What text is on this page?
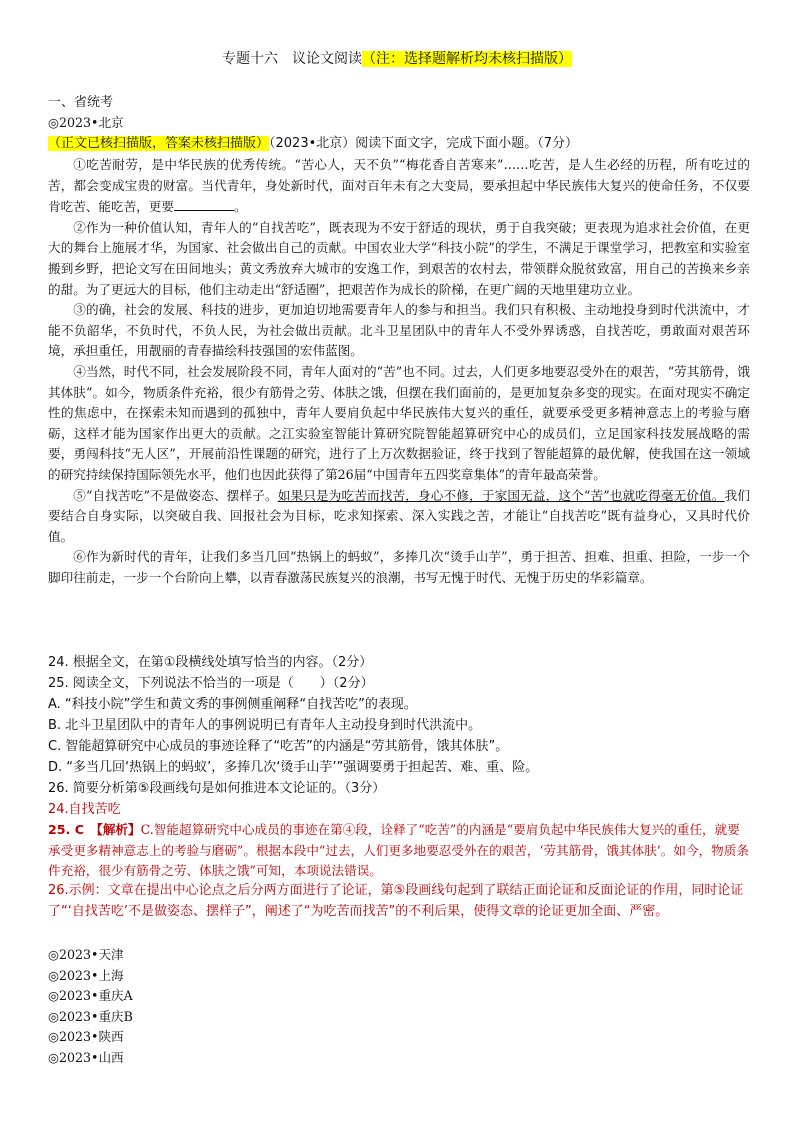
专题十六　议论文阅读（注：选择题解析均未核扫描版）
一、省统考
◎2023•北京
（正文已核扫描版，答案未核扫描版）（2023•北京）阅读下面文字，完成下面小题。（7分）

①吃苦耐劳，是中华民族的优秀传统。“苦心人，天不负”“梅花香自苦寒来”……吃苦，是人生必经的历程，所有吃过的苦，都会变成宝贵的财富。当代青年，身处新时代，面对百年未有之大变局，要承担起中华民族伟大复兴的使命任务，不仅要肯吃苦、能吃苦，更要	。

②作为一种价值认知，青年人的“自找苦吃”，既表现为不安于舒适的现状，勇于自我突破；更表现为追求社会价值，在更大的舞台上施展才华，为国家、社会做出自己的贡献。中国农业大学“科技小院”的学生，不满足于课堂学习，把教室和实验室搬到乡野，把论文写在田间地头；黄文秀放弃大城市的安逸工作，到艰苦的农村去，带领群众脱贫致富，用自己的苦换来乡亲的甜。为了更远大的目标，他们主动走出“舒适圈”，把艰苦作为成长的阶梯，在更广阔的天地里建功立业。

③的确，社会的发展、科技的进步，更加迫切地需要青年人的参与和担当。我们只有积极、主动地投身到时代洪流中，才能不负韶华，不负时代，不负人民，为社会做出贡献。北斗卫星团队中的青年人不受外界诱惑，自找苦吃，勇敢面对艰苦环境，承担重任，用靓丽的青春描绘科技强国的宏伟蓝图。

④当然，时代不同，社会发展阶段不同，青年人面对的“苦”也不同。过去，人们更多地要忍受外在的艰苦，“劳其筋骨，饿其体肤”。如今，物质条件充裕，很少有筋骨之劳、体肤之饿，但摆在我们面前的，是更加复杂多变的现实。在面对现实不确定性的焦虑中，在探索未知而遇到的孤独中，青年人要肩负起中华民族伟大复兴的重任，就要承受更多精神意志上的考验与磨砺，这样才能为国家作出更大的贡献。之江实验室智能计算研究院智能超算研究中心的成员们，立足国家科技发展战略的需要，勇闯科技“无人区”，开展前沿性课题的研究，进行了上万次数据验证，终于找到了智能超算的最优解，使我国在这一领域的研究持续保持国际领先水平，他们也因此获得了第26届“中国青年五四奖章集体”的青年最高荣誉。

⑤“自找苦吃”不是做姿态、摆样子。如果只是为吃苦而找苦，身心不修，于家国无益，这个“苦”也就吃得毫无价值。我们要结合自身实际，以突破自我、回报社会为目标，吃求知探索、深入实践之苦，才能让“自找苦吃”既有益身心，又具时代价值。

⑥作为新时代的青年，让我们多当几回“热锅上的蚂蚁”，多捧几次“烫手山芋”，勇于担苦、担难、担重、担险，一步一个脚印往前走，一步一个台阶向上攀，以青春激荡民族复兴的浪潮，书写无愧于时代、无愧于历史的华彩篇章。

24. 根据全文，在第①段横线处填写恰当的内容。（2分）
25. 阅读全文，下列说法不恰当的一项是（　　）（2分）
A. “科技小院”学生和黄文秀的事例侧重阐释“自找苦吃”的表现。
B. 北斗卫星团队中的青年人的事例说明已有青年人主动投身到时代洪流中。
C. 智能超算研究中心成员的事迹诠释了“吃苦”的内涵是“劳其筋骨，饿其体肤”。
D. “多当几回‘热锅上的蚂蚁’，多捧几次‘烫手山芋’”强调要勇于担起苦、难、重、险。
26. 简要分析第⑤段画线句是如何推进本文论证的。（3分）
24.自找苦吃
25. C　【解析】C.智能超算研究中心成员的事迹在第④段，诠释了“吃苦”的内涵是“要肩负起中华民族伟大复兴的重任，就要承受更多精神意志上的考验与磨砺”。根据本段中“过去，人们更多地要忍受外在的艰苦，‘劳其筋骨，饿其体肤’。如今，物质条件充裕，很少有筋骨之劳、体肤之饿”可知，本项说法错误。
26.示例：文章在提出中心论点之后分两方面进行了论证，第⑤段画线句起到了联结正面论证和反面论证的作用，同时论证了“‘自找苦吃’不是做姿态、摆样子”，阐述了“为吃苦而找苦”的不利后果，使得文章的论证更加全面、严密。
◎2023•天津
◎2023•上海
◎2023•重庆A
◎2023•重庆B
◎2023•陕西
◎2023•山西
